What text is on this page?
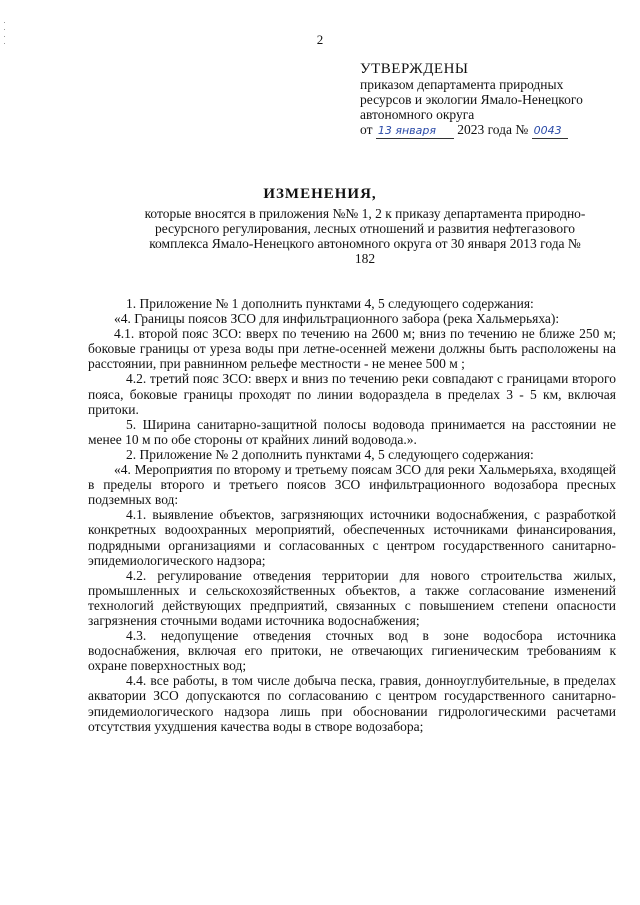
2
УТВЕРЖДЕНЫ
приказом департамента природных
ресурсов и экологии Ямало-Ненецкого
автономного округа
от 13 января 2023 года № 0043
ИЗМЕНЕНИЯ,
которые вносятся в приложения №№ 1, 2 к приказу департамента природно-ресурсного регулирования, лесных отношений и развития нефтегазового комплекса Ямало-Ненецкого автономного округа от 30 января 2013 года № 182

1. Приложение № 1 дополнить пунктами 4, 5 следующего содержания:

«4. Границы поясов ЗСО для инфильтрационного забора (река Хальмерьяха):

4.1. второй пояс ЗСО: вверх по течению на 2600 м; вниз по течению не ближе 250 м; боковые границы от уреза воды при летне-осенней межени должны быть расположены на расстоянии, при равнинном рельефе местности - не менее 500 м ;

4.2. третий пояс ЗСО: вверх и вниз по течению реки совпадают с границами второго пояса, боковые границы проходят по линии водораздела в пределах 3 - 5 км, включая притоки.

5. Ширина санитарно-защитной полосы водовода принимается на расстоянии не менее 10 м по обе стороны от крайних линий водовода.».

2. Приложение № 2 дополнить пунктами 4, 5 следующего содержания:

«4. Мероприятия по второму и третьему поясам ЗСО для реки Хальмерьяха, входящей в пределы второго и третьего поясов ЗСО инфильтрационного водозабора пресных подземных вод:

4.1. выявление объектов, загрязняющих источники водоснабжения, с разработкой конкретных водоохранных мероприятий, обеспеченных источниками финансирования, подрядными организациями и согласованных с центром государственного санитарно-эпидемиологического надзора;

4.2. регулирование отведения территории для нового строительства жилых, промышленных и сельскохозяйственных объектов, а также согласование изменений технологий действующих предприятий, связанных с повышением степени опасности загрязнения сточными водами источника водоснабжения;

4.3. недопущение отведения сточных вод в зоне водосбора источника водоснабжения, включая его притоки, не отвечающих гигиеническим требованиям к охране поверхностных вод;

4.4. все работы, в том числе добыча песка, гравия, донноуглубительные, в пределах акватории ЗСО допускаются по согласованию с центром государственного санитарно-эпидемиологического надзора лишь при обосновании гидрологическими расчетами отсутствия ухудшения качества воды в створе водозабора;
